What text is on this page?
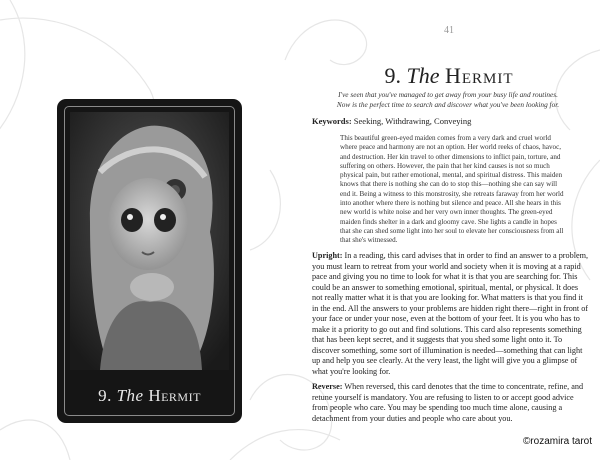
9. The Hermit
41
9. The Hermit
I've seen that you've managed to get away from your busy life and routines. Now is the perfect time to search and discover what you've been looking for.
Keywords: Seeking, Withdrawing, Conveying

This beautiful green-eyed maiden comes from a very dark and cruel world where peace and harmony are not an option. Her world reeks of chaos, havoc, and destruction. Her kin travel to other dimensions to inflict pain, torture, and suffering on others. However, the pain that her kind causes is not so much physical pain, but rather emotional, mental, and spiritual distress. This maiden knows that there is nothing she can do to stop this—nothing she can say will end it. Being a witness to this monstrosity, she retreats faraway from her world into another where there is nothing but silence and peace. All she hears in this new world is white noise and her very own inner thoughts. The green-eyed maiden finds shelter in a dark and gloomy cave. She lights a candle in hopes that she can shed some light into her soul to elevate her consciousness from all that she's witnessed.

Upright: In a reading, this card advises that in order to find an answer to a problem, you must learn to retreat from your world and society when it is moving at a rapid pace and giving you no time to look for what it is that you are searching for. This could be an answer to something emotional, spiritual, mental, or physical. It does not really matter what it is that you are looking for. What matters is that you find it in the end. All the answers to your problems are hidden right there—right in front of your face or under your nose, even at the bottom of your feet. It is you who has to make it a priority to go out and find solutions. This card also represents something that has been kept secret, and it suggests that you shed some light onto it. To discover something, some sort of illumination is needed—something that can light up and help you see clearly. At the very least, the light will give you a glimpse of what you're looking for.

Reverse: When reversed, this card denotes that the time to concentrate, refine, and retune yourself is mandatory. You are refusing to listen to or accept good advice from people who care. You may be spending too much time alone, causing a detachment from your duties and people who care about you.

©rozamira tarot
